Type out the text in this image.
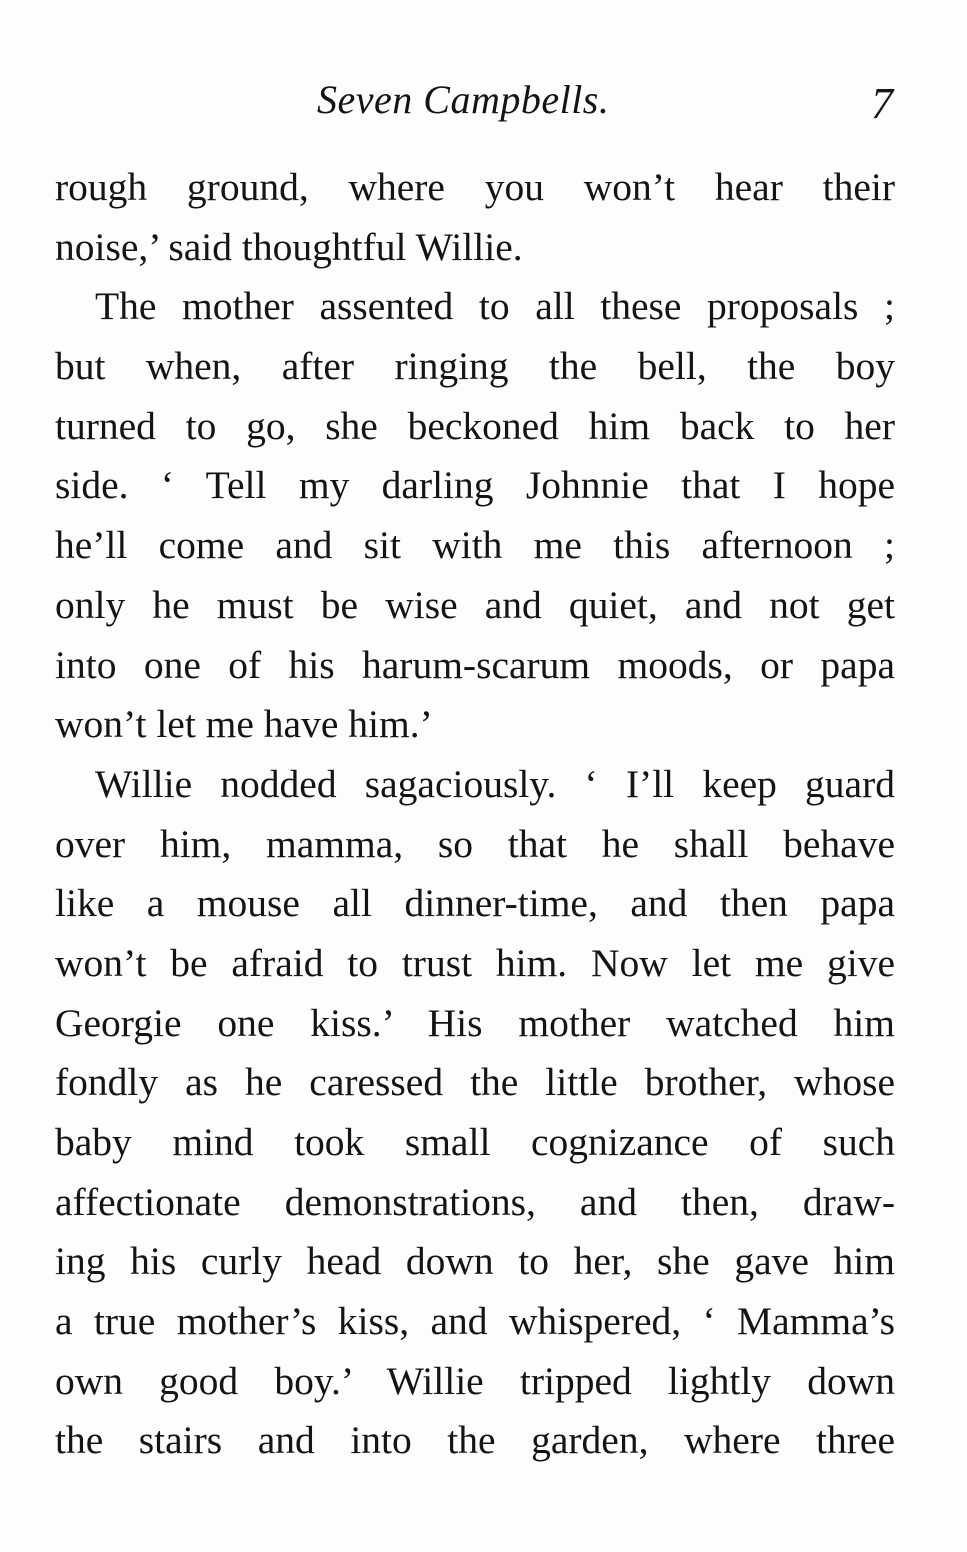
Seven Campbells.	7
rough ground, where you won’t hear their
noise,’ said thoughtful Willie.
The mother assented to all these proposals ;
but when, after ringing the bell, the boy
turned to go, she beckoned him back to her
side. ‘ Tell my darling Johnnie that I hope
he’ll come and sit with me this afternoon ;
only he must be wise and quiet, and not get
into one of his harum-scarum moods, or papa
won’t let me have him.’
Willie nodded sagaciously. ‘ I’ll keep guard
over him, mamma, so that he shall behave
like a mouse all dinner-time, and then papa
won’t be afraid to trust him. Now let me give
Georgie one kiss.’ His mother watched him
fondly as he caressed the little brother, whose
baby mind took small cognizance of such
affectionate demonstrations, and then, draw-
ing his curly head down to her, she gave him
a true mother’s kiss, and whispered, ‘ Mamma’s
own good boy.’ Willie tripped lightly down
the stairs and into the garden, where three
